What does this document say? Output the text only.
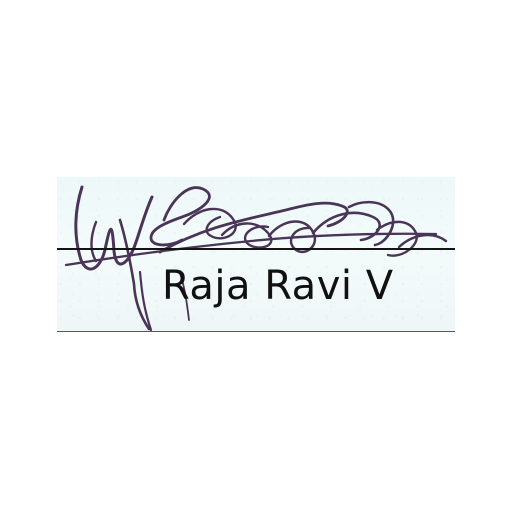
Raja Ravi V
